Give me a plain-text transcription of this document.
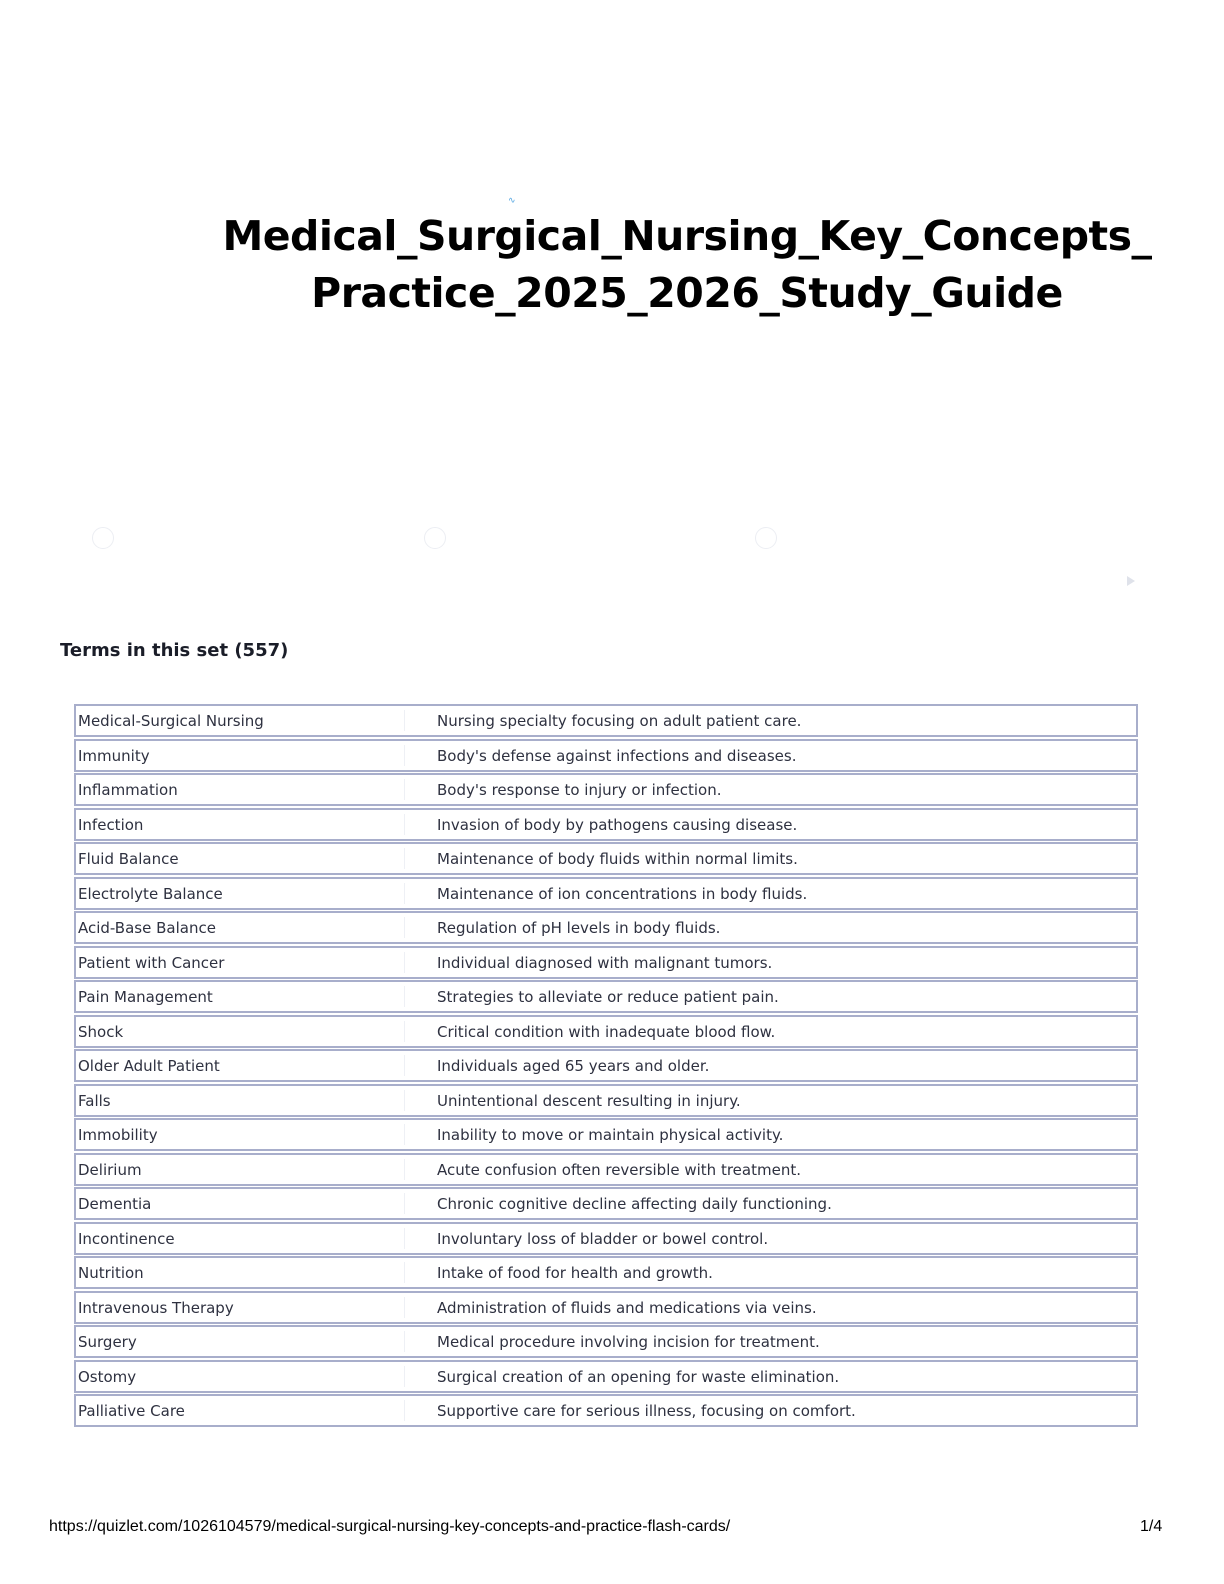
∿
Medical_Surgical_Nursing_Key_Concepts_
Practice_2025_2026_Study_Guide
Terms in this set (557)
Medical-Surgical Nursing	Nursing specialty focusing on adult patient care.
Immunity	Body's defense against infections and diseases.
Inflammation	Body's response to injury or infection.
Infection	Invasion of body by pathogens causing disease.
Fluid Balance	Maintenance of body fluids within normal limits.
Electrolyte Balance	Maintenance of ion concentrations in body fluids.
Acid-Base Balance	Regulation of pH levels in body fluids.
Patient with Cancer	Individual diagnosed with malignant tumors.
Pain Management	Strategies to alleviate or reduce patient pain.
Shock	Critical condition with inadequate blood flow.
Older Adult Patient	Individuals aged 65 years and older.
Falls	Unintentional descent resulting in injury.
Immobility	Inability to move or maintain physical activity.
Delirium	Acute confusion often reversible with treatment.
Dementia	Chronic cognitive decline affecting daily functioning.
Incontinence	Involuntary loss of bladder or bowel control.
Nutrition	Intake of food for health and growth.
Intravenous Therapy	Administration of fluids and medications via veins.
Surgery	Medical procedure involving incision for treatment.
Ostomy	Surgical creation of an opening for waste elimination.
Palliative Care	Supportive care for serious illness, focusing on comfort.
https://quizlet.com/1026104579/medical-surgical-nursing-key-concepts-and-practice-flash-cards/	1/4
